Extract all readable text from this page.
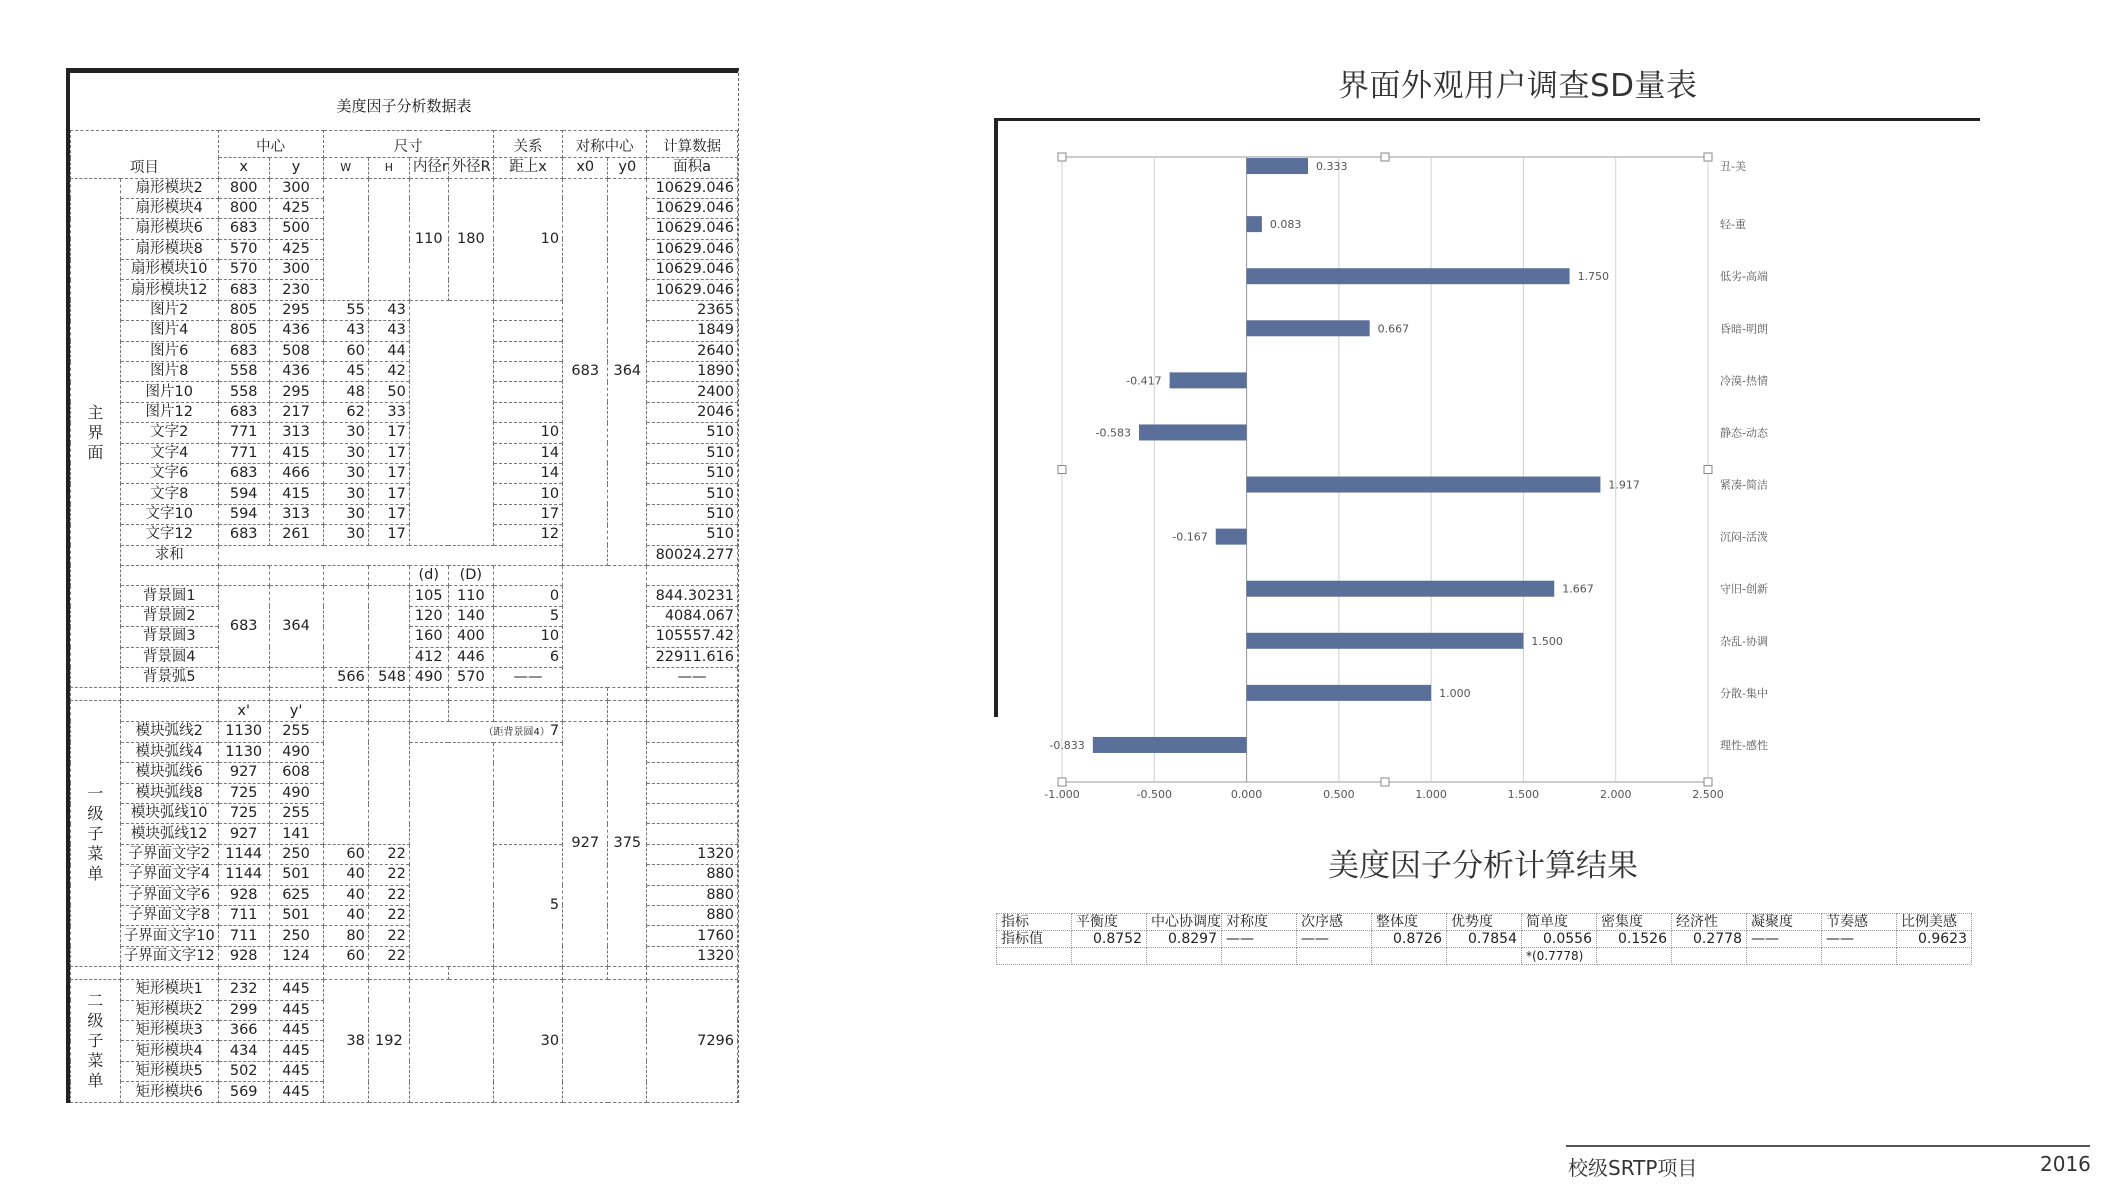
美度因子分析数据表
项目		中心		尺寸				关系	对称中心		计算数据
		x	y	W	H	内径r	外径R	距上x	x0	y0	面积a
主
界
面	扇形模块2	800	300			110	180	10	683	364	10629.046
	扇形模块4	800	425								10629.046
	扇形模块6	683	500								10629.046
	扇形模块8	570	425								10629.046
	扇形模块10	570	300								10629.046
	扇形模块12	683	230								10629.046
	图片2	805	295	55	43						2365
	图片4	805	436	43	43						1849
	图片6	683	508	60	44						2640
	图片8	558	436	45	42						1890
	图片10	558	295	48	50						2400
	图片12	683	217	62	33						2046
	文字2	771	313	30	17			10			510
	文字4	771	415	30	17			14			510
	文字6	683	466	30	17			14			510
	文字8	594	415	30	17			10			510
	文字10	594	313	30	17			17			510
	文字12	683	261	30	17			12			510
	求和										80024.277
						(d)	(D)				
	背景圆1	683	364			105	110	0			844.30231
	背景圆2					120	140	5			4084.067
	背景圆3					160	400	10			105557.42
	背景圆4					412	446	6			22911.616
	背景弧5			566	548	490	570	——			——

一
级
子
菜
单		x'	y'								
	模块弧线2	1130	255			（距背景圆4）7			927	375	
	模块弧线4	1130	490								
	模块弧线6	927	608								
	模块弧线8	725	490								
	模块弧线10	725	255								
	模块弧线12	927	141								
	子界面文字2	1144	250	60	22			5			1320
	子界面文字4	1144	501	40	22						880
	子界面文字6	928	625	40	22						880
	子界面文字8	711	501	40	22						880
	子界面文字10	711	250	80	22						1760
	子界面文字12	928	124	60	22						1320

二
级
子
菜
单	矩形模块1	232	445	38	192			30			7296
	矩形模块2	299	445								
	矩形模块3	366	445								
	矩形模块4	434	445								
	矩形模块5	502	445								
	矩形模块6	569	445								
界面外观用户调查SD量表
-1.000	-0.500	0.000	0.500	1.000	1.500	2.000	2.500
0.333	丑-美
0.083	轻-重
1.750	低劣-高端
0.667	昏暗-明朗
-0.417	冷漠-热情
-0.583	静态-动态
1.917	紧凑-简洁
-0.167	沉闷-活泼
1.667	守旧-创新
1.500	杂乱-协调
1.000	分散-集中
-0.833	理性-感性
美度因子分析计算结果
指标	平衡度	中心协调度	对称度	次序感	整体度	优势度	简单度	密集度	经济性	凝聚度	节奏感	比例美感
指标值	0.8752	0.8297	——	——	0.8726	0.7854	0.0556	0.1526	0.2778	——	——	0.9623
							*(0.7778)					
校级SRTP项目	2016
